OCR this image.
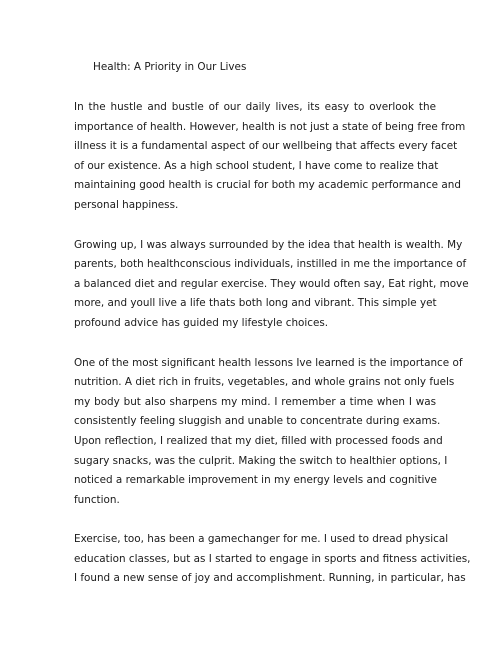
Health: A Priority in Our Lives

In the hustle and bustle of our daily lives, its easy to overlook the
importance of health. However, health is not just a state of being free from
illness it is a fundamental aspect of our wellbeing that affects every facet
of our existence. As a high school student, I have come to realize that
maintaining good health is crucial for both my academic performance and
personal happiness.

Growing up, I was always surrounded by the idea that health is wealth. My
parents, both healthconscious individuals, instilled in me the importance of
a balanced diet and regular exercise. They would often say, Eat right, move
more, and youll live a life thats both long and vibrant. This simple yet
profound advice has guided my lifestyle choices.

One of the most significant health lessons Ive learned is the importance of
nutrition. A diet rich in fruits, vegetables, and whole grains not only fuels
my body but also sharpens my mind. I remember a time when I was
consistently feeling sluggish and unable to concentrate during exams.
Upon reflection, I realized that my diet, filled with processed foods and
sugary snacks, was the culprit. Making the switch to healthier options, I
noticed a remarkable improvement in my energy levels and cognitive
function.

Exercise, too, has been a gamechanger for me. I used to dread physical
education classes, but as I started to engage in sports and fitness activities,
I found a new sense of joy and accomplishment. Running, in particular, has
